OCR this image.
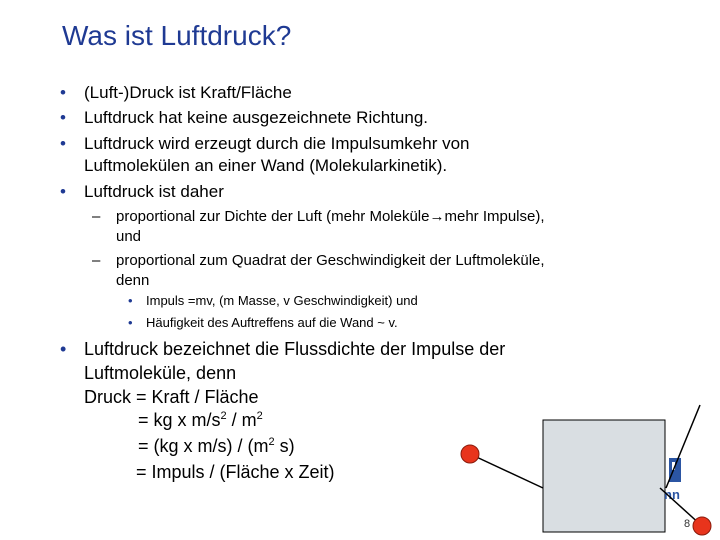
Was ist Luftdruck?
• (Luft-)Druck ist Kraft/Fläche
• Luftdruck hat keine ausgezeichnete Richtung.
• Luftdruck wird erzeugt durch die Impulsumkehr von
Luftmolekülen an einer Wand (Molekularkinetik).
• Luftdruck ist daher
– proportional zur Dichte der Luft (mehr Moleküle→mehr Impulse),
und
– proportional zum Quadrat der Geschwindigkeit der Luftmoleküle,
denn
• Impuls =mv, (m Masse, v Geschwindigkeit) und
• Häufigkeit des Auftreffens auf die Wand ~ v.
• Luftdruck bezeichnet die Flussdichte der Impulse der
Luftmoleküle, denn
Druck = Kraft / Fläche
= kg x $m/s^2 / m^2$
= (kg x $m/s) / (m^2$ s)
= Impuls / (Fläche x Zeit)
nn
8
